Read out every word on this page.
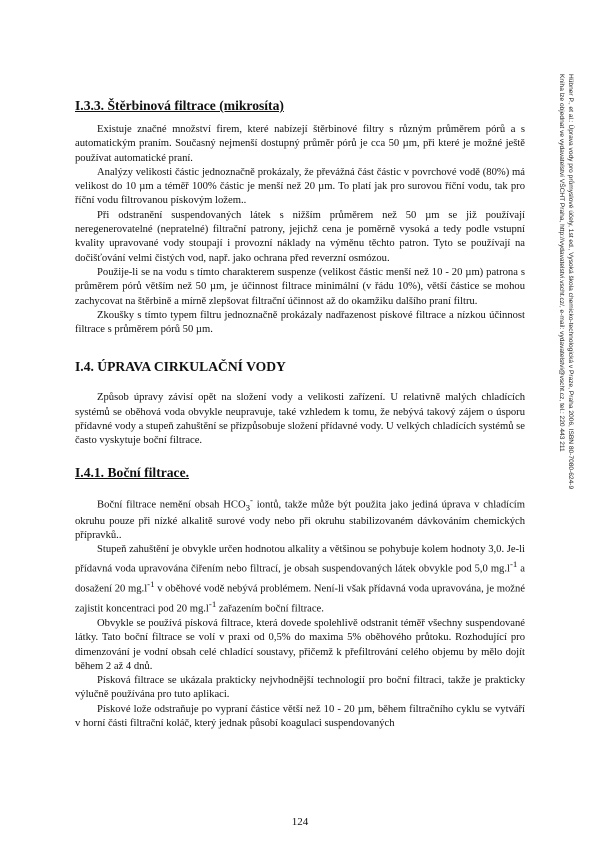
I.3.3. Štěrbinová filtrace (mikrosíta)

Existuje značné množství firem, které nabízejí štěrbinové filtry s různým průměrem pórů a s automatickým praním. Současný nejmenší dostupný průměr pórů je cca 50 µm, při které je možné ještě používat automatické praní.

Analýzy velikosti částic jednoznačně prokázaly, že převážná část částic v povrchové vodě (80%) má velikost do 10 µm a téměř 100% částic je menší než 20 µm. To platí jak pro surovou říční vodu, tak pro říční vodu filtrovanou pískovým ložem..

Při odstranění suspendovaných látek s nižším průměrem než 50 µm se již používají neregenerovatelné (nepratelné) filtrační patrony, jejichž cena je poměrně vysoká a tedy podle vstupní kvality upravované vody stoupají i provozní náklady na výměnu těchto patron. Tyto se používají na dočišťování velmi čistých vod, např. jako ochrana před reverzní osmózou.

Použije-li se na vodu s tímto charakterem suspenze (velikost částic menší než 10 - 20 µm) patrona s průměrem pórů větším než 50 µm, je účinnost filtrace minimální (v řádu 10%), větší částice se mohou zachycovat na štěrbině a mírně zlepšovat filtrační účinnost až do okamžiku dalšího praní filtru.

Zkoušky s tímto typem filtru jednoznačně prokázaly nadřazenost pískové filtrace a nízkou účinnost filtrace s průměrem pórů 50 µm.

I.4. ÚPRAVA CIRKULAČNÍ VODY

Způsob úpravy závisí opět na složení vody a velikosti zařízení. U relativně malých chladících systémů se oběhová voda obvykle neupravuje, také vzhledem k tomu, že nebývá takový zájem o úsporu přídavné vody a stupeň zahuštění se přizpůsobuje složení přídavné vody. U velkých chladících systémů se často vyskytuje boční filtrace.

I.4.1. Boční filtrace.

Boční filtrace nemění obsah $HCO_3^-$ iontů, takže může být použita jako jediná úprava v chladícím okruhu pouze při nízké alkalitě surové vody nebo při okruhu stabilizovaném dávkováním chemických přípravků..

Stupeň zahuštění je obvykle určen hodnotou alkality a většinou se pohybuje kolem hodnoty 3,0. Je-li přídavná voda upravována čiřením nebo filtrací, je obsah suspendovaných látek obvykle pod 5,0 $mg.l^{-1}$ a dosažení 20 $mg.l^{-1}$ v oběhové vodě nebývá problémem. Není-li však přídavná voda upravována, je možné zajistit koncentraci pod 20 $mg.l^{-1}$ zařazením boční filtrace.

Obvykle se používá písková filtrace, která dovede spolehlivě odstranit téměř všechny suspendované látky. Tato boční filtrace se volí v praxi od 0,5% do maxima 5% oběhového průtoku. Rozhodující pro dimenzování je vodní obsah celé chladící soustavy, přičemž k přefiltrování celého objemu by mělo dojít během 2 až 4 dnů.

Písková filtrace se ukázala prakticky nejvhodnější technologií pro boční filtraci, takže je prakticky výlučně používána pro tuto aplikaci.

Pískové lože odstraňuje po vypraní částice větší než 10 - 20 µm, během filtračního cyklu se vytváří v horní části filtrační koláč, který jednak působí koagulaci suspendovaných

124
Hübner P., et al.: Úprava vody pro průmyslové účely, 1st ed., Vysoká škola chemicko-technologická v Praze, Praha 2006, ISBN 80-7080-624-9
Kniha lze objednat ve vydavatelství VŠCHT Praha, http://vydavatelstvi.vscht.cz/, e-mail: vydavatelstvi@vscht.cz, tel.: 220 443 211
